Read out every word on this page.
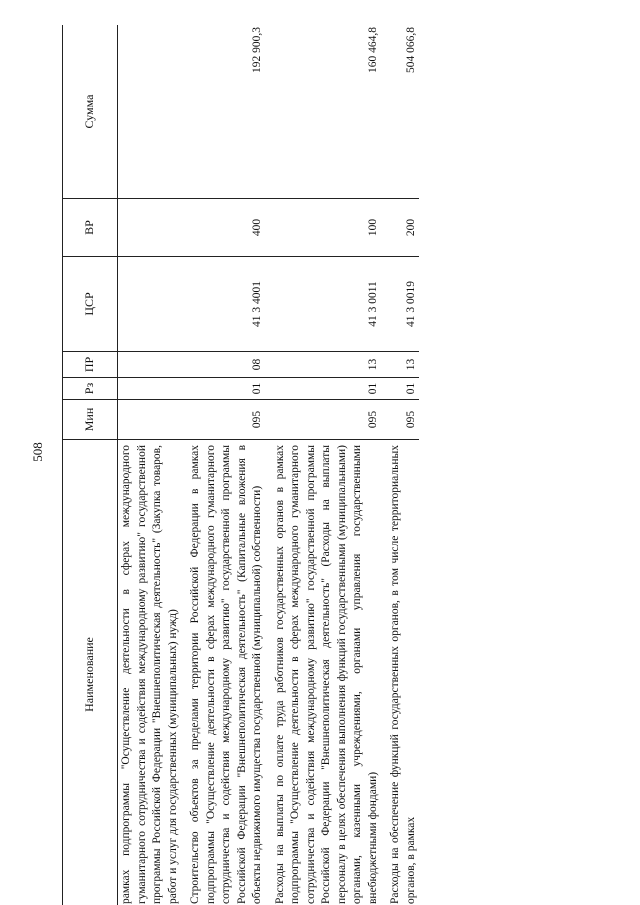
508
Наименование	Мин	Рз	ПР	ЦСР	ВР	Сумма
рамках подпрограммы "Осуществление деятельности в сферах международного гуманитарного сотрудничества и содействия международному развитию" государственной программы Российской Федерации "Внешнеполитическая деятельность" (Закупка товаров, работ и услуг для государственных (муниципальных) нужд)						
Строительство объектов за пределами территории Российской Федерации в рамках подпрограммы "Осуществление деятельности в сферах международного гуманитарного сотрудничества и содействия международному развитию" государственной программы Российской Федерации "Внешнеполитическая деятельность" (Капитальные вложения в объекты недвижимого имущества государственной (муниципальной) собственности)	095	01	08	41 3 4001	400	192 900,3
Расходы на выплаты по оплате труда работников государственных органов в рамках подпрограммы "Осуществление деятельности в сферах международного гуманитарного сотрудничества и содействия международному развитию" государственной программы Российской Федерации "Внешнеполитическая деятельность" (Расходы на выплаты персоналу в целях обеспечения выполнения функций государственными (муниципальными) органами, казенными учреждениями, органами управления государственными внебюджетными фондами)	095	01	13	41 3 0011	100	160 464,8
Расходы на обеспечение функций государственных органов, в том числе территориальных органов, в рамках	095	01	13	41 3 0019	200	504 066,8
